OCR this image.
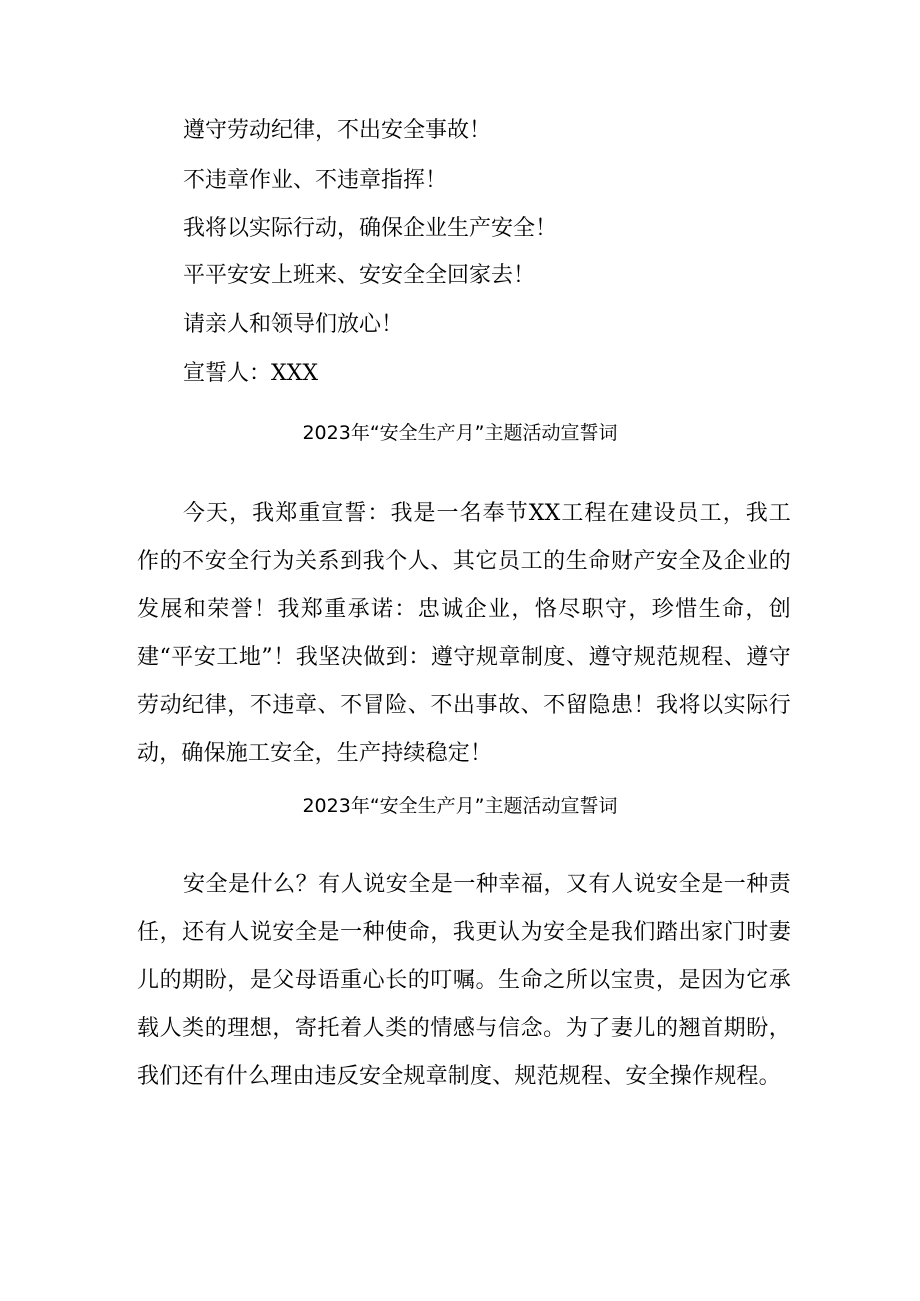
遵守劳动纪律，不出安全事故！
不违章作业、不违章指挥！
我将以实际行动，确保企业生产安全！
平平安安上班来、安安全全回家去！
请亲人和领导们放心！
宣誓人：XXX
2023年“安全生产月”主题活动宣誓词
今天，我郑重宣誓：我是一名奉节XX工程在建设员工，我工作的不安全行为关系到我个人、其它员工的生命财产安全及企业的发展和荣誉！我郑重承诺：忠诚企业，恪尽职守，珍惜生命，创建“平安工地”！我坚决做到：遵守规章制度、遵守规范规程、遵守劳动纪律，不违章、不冒险、不出事故、不留隐患！我将以实际行动，确保施工安全，生产持续稳定！
2023年“安全生产月”主题活动宣誓词
安全是什么？有人说安全是一种幸福，又有人说安全是一种责任，还有人说安全是一种使命，我更认为安全是我们踏出家门时妻儿的期盼，是父母语重心长的叮嘱。生命之所以宝贵，是因为它承载人类的理想，寄托着人类的情感与信念。为了妻儿的翘首期盼，我们还有什么理由违反安全规章制度、规范规程、安全操作规程。
